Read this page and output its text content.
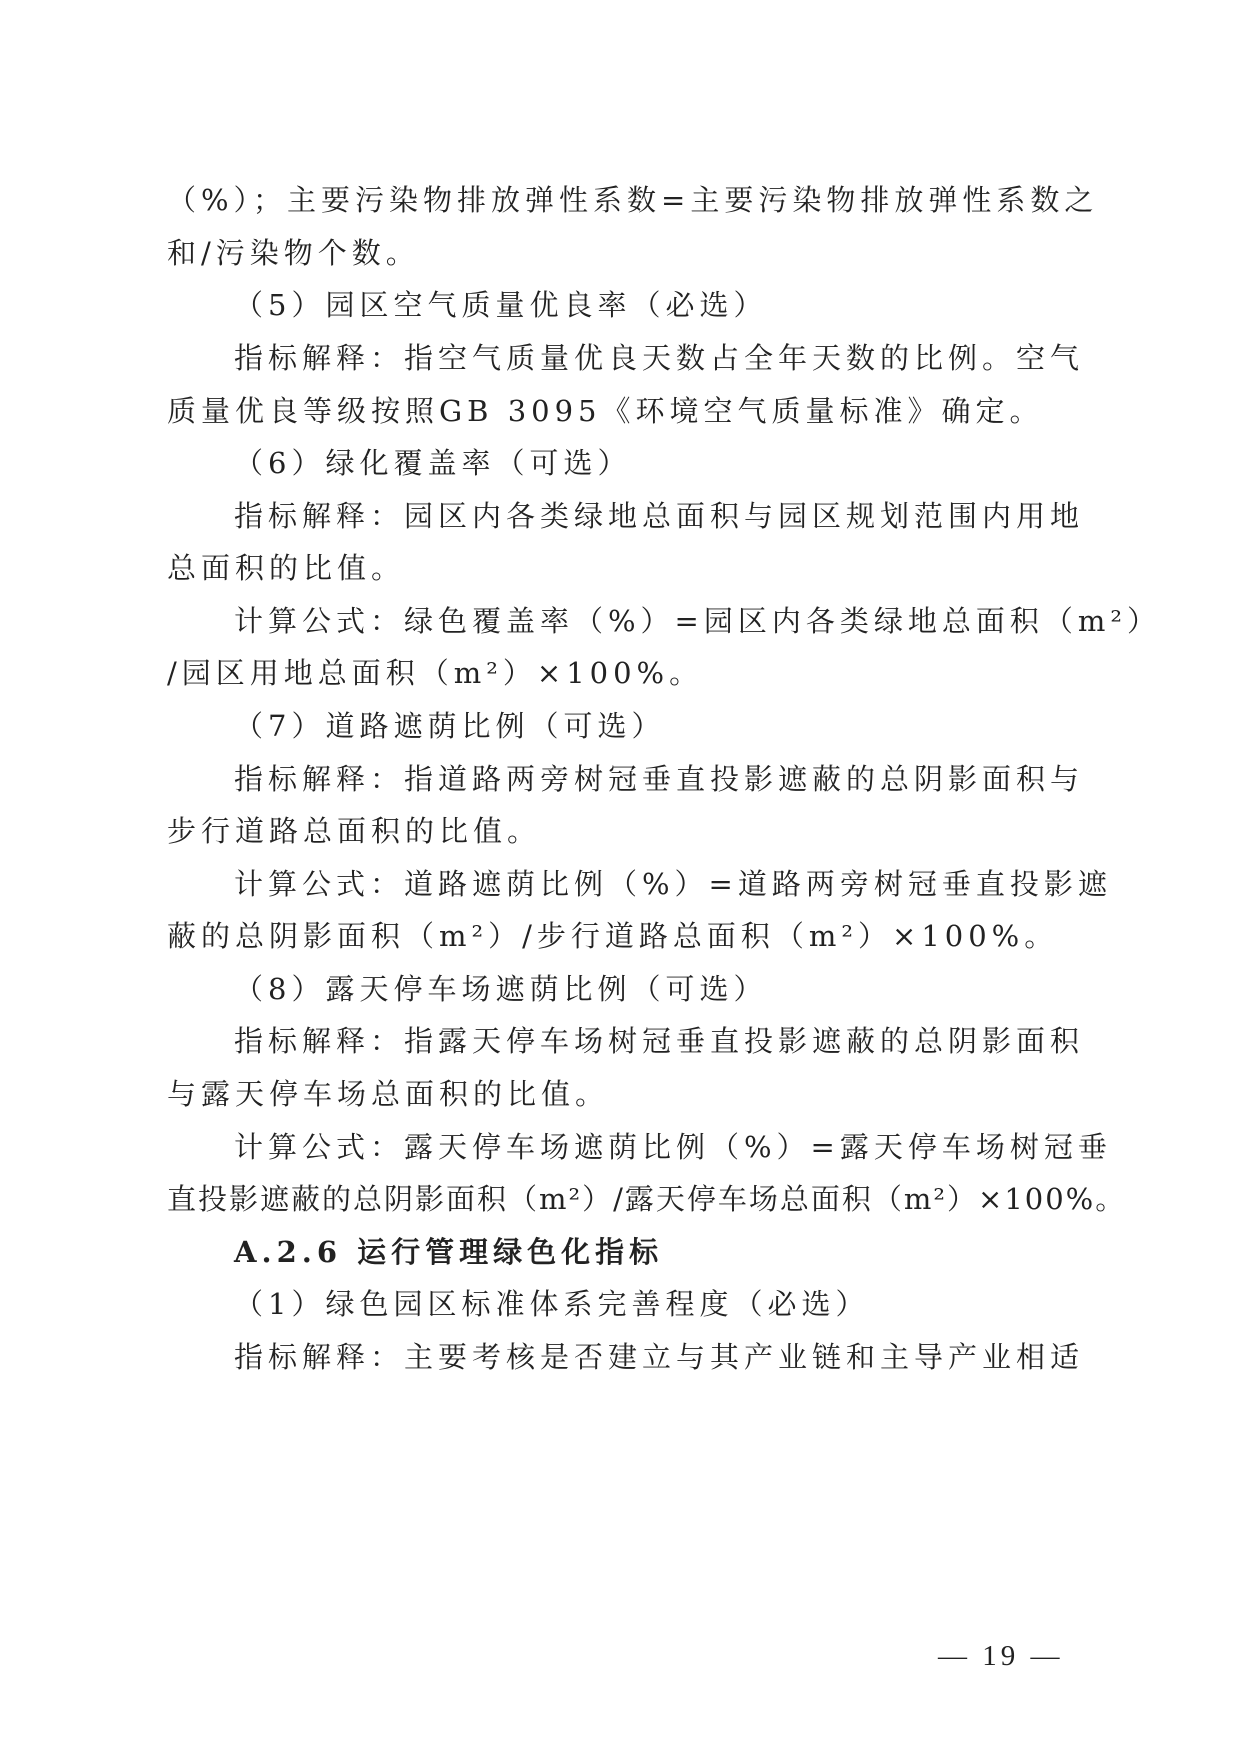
（%）；主要污染物排放弹性系数=主要污染物排放弹性系数之
和/污染物个数。
（5）园区空气质量优良率（必选）
指标解释：指空气质量优良天数占全年天数的比例。空气
质量优良等级按照GB 3095《环境空气质量标准》确定。
（6）绿化覆盖率（可选）
指标解释：园区内各类绿地总面积与园区规划范围内用地
总面积的比值。
计算公式：绿色覆盖率（%）=园区内各类绿地总面积（m²）
/园区用地总面积（m²）×100%。
（7）道路遮荫比例（可选）
指标解释：指道路两旁树冠垂直投影遮蔽的总阴影面积与
步行道路总面积的比值。
计算公式：道路遮荫比例（%）=道路两旁树冠垂直投影遮
蔽的总阴影面积（m²）/步行道路总面积（m²）×100%。
（8）露天停车场遮荫比例（可选）
指标解释：指露天停车场树冠垂直投影遮蔽的总阴影面积
与露天停车场总面积的比值。
计算公式：露天停车场遮荫比例（%）=露天停车场树冠垂
直投影遮蔽的总阴影面积（m²）/露天停车场总面积（m²）×100%。
A.2.6 运行管理绿色化指标
（1）绿色园区标准体系完善程度（必选）
指标解释：主要考核是否建立与其产业链和主导产业相适
— 19 —
